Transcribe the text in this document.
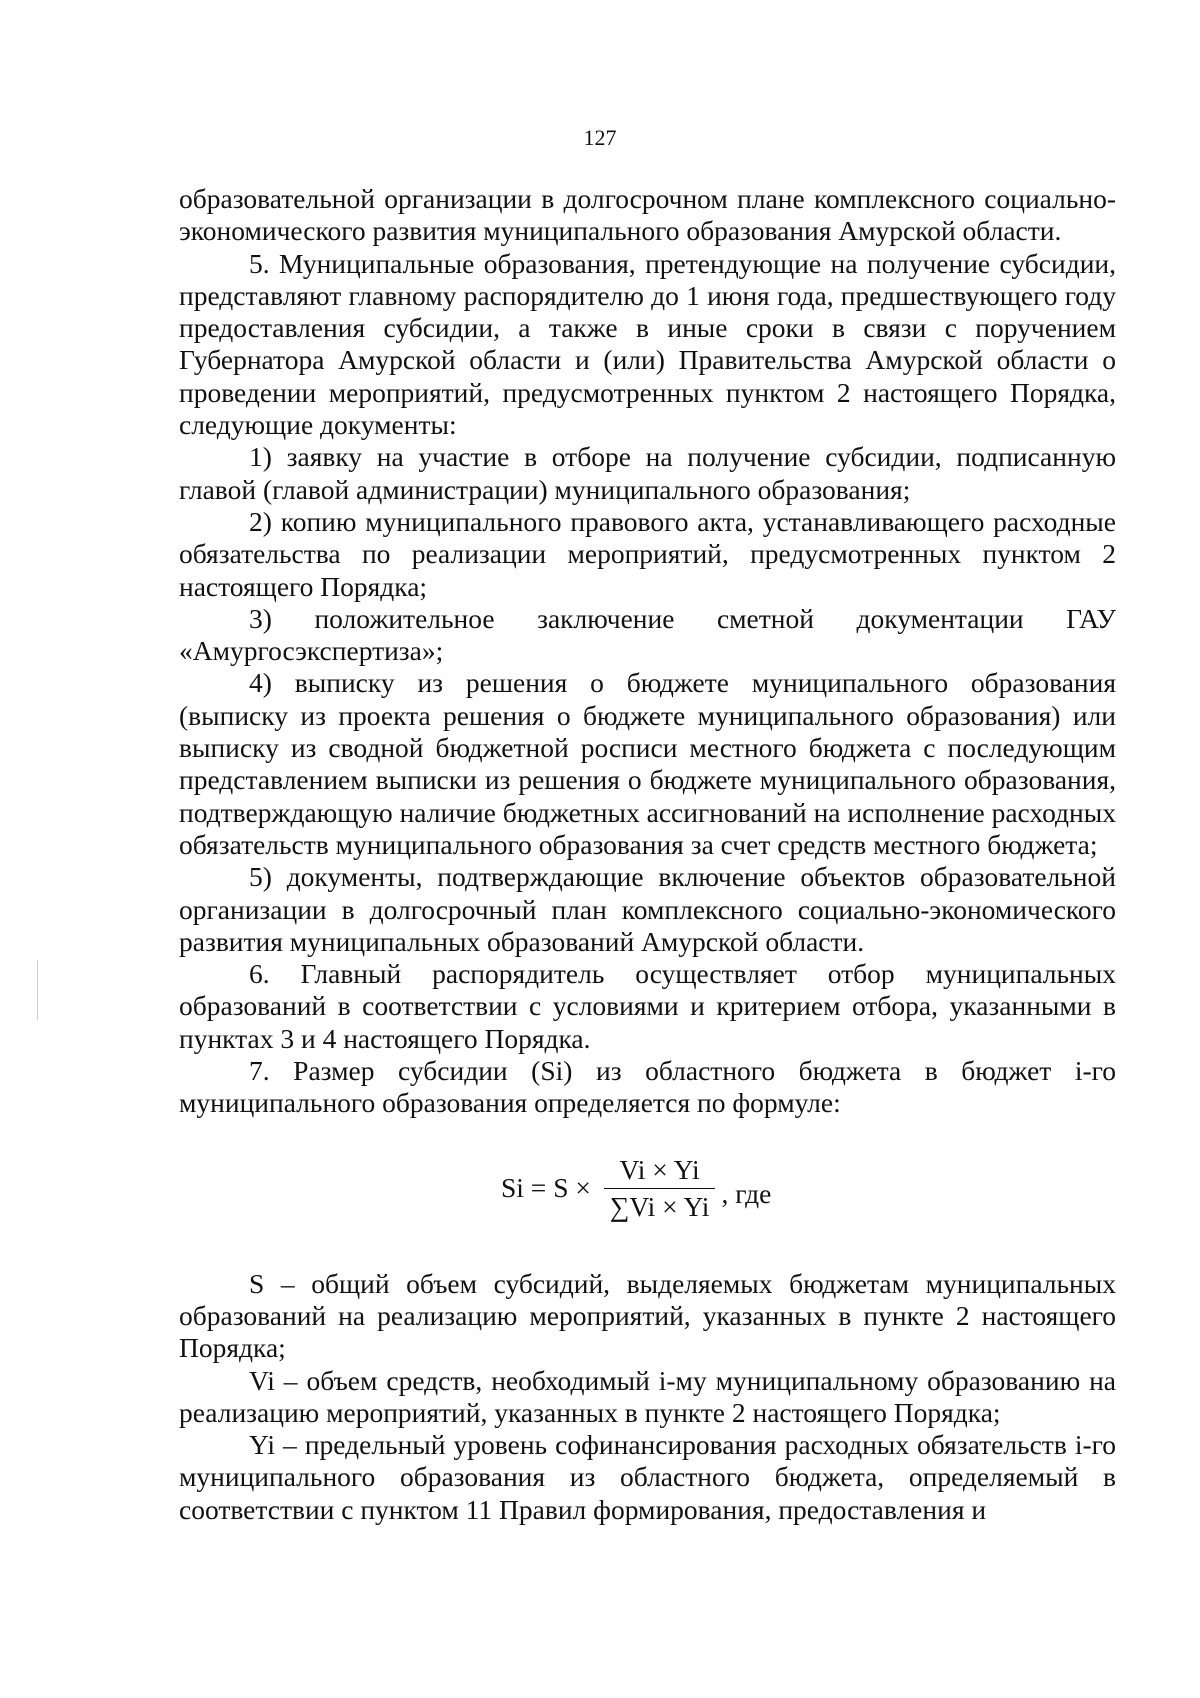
127

образовательной организации в долгосрочном плане комплексного социально-экономического развития муниципального образования Амурской области.

5. Муниципальные образования, претендующие на получение субсидии, представляют главному распорядителю до 1 июня года, предшествующего году предоставления субсидии, а также в иные сроки в связи с поручением Губернатора Амурской области и (или) Правительства Амурской области о проведении мероприятий, предусмотренных пунктом 2 настоящего Порядка, следующие документы:

1) заявку на участие в отборе на получение субсидии, подписанную главой (главой администрации) муниципального образования;

2) копию муниципального правового акта, устанавливающего расходные обязательства по реализации мероприятий, предусмотренных пунктом 2 настоящего Порядка;

3) положительное заключение сметной документации ГАУ «Амургосэкспертиза»;

4) выписку из решения о бюджете муниципального образования (выписку из проекта решения о бюджете муниципального образования) или выписку из сводной бюджетной росписи местного бюджета с последующим представлением выписки из решения о бюджете муниципального образования, подтверждающую наличие бюджетных ассигнований на исполнение расходных обязательств муниципального образования за счет средств местного бюджета;

5) документы, подтверждающие включение объектов образовательной организации в долгосрочный план комплексного социально-экономического развития муниципальных образований Амурской области.

6. Главный распорядитель осуществляет отбор муниципальных образований в соответствии с условиями и критерием отбора, указанными в пунктах 3 и 4 настоящего Порядка.

7. Размер субсидии (Si) из областного бюджета в бюджет i-го муниципального образования определяется по формуле:

$Si = S \times \frac{Vi \times Yi}{\sum Vi \times Yi}$ , где

S – общий объем субсидий, выделяемых бюджетам муниципальных образований на реализацию мероприятий, указанных в пункте 2 настоящего Порядка;

Vi – объем средств, необходимый i-му муниципальному образованию на реализацию мероприятий, указанных в пункте 2 настоящего Порядка;

Yi – предельный уровень софинансирования расходных обязательств i-го муниципального образования из областного бюджета, определяемый в соответствии с пунктом 11 Правил формирования, предоставления и
